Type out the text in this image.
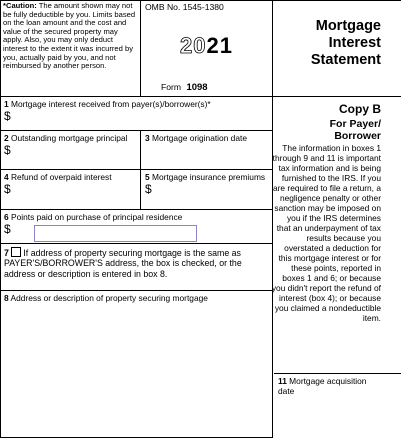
*Caution: The amount shown may not be fully deductible by you. Limits based on the loan amount and the cost and value of the secured property may apply. Also, you may only deduct interest to the extent it was incurred by you, actually paid by you, and not reimbursed by another person.
OMB No. 1545-1380
2021
Form 1098
Mortgage
Interest
Statement
1 Mortgage interest received from payer(s)/borrower(s)*
$
2 Outstanding mortgage principal
$
3 Mortgage origination date
4 Refund of overpaid interest
$
5 Mortgage insurance premiums
$
6 Points paid on purchase of principal residence
$
7 If address of property securing mortgage is the same as PAYER'S/BORROWER'S address, the box is checked, or the address or description is entered in box 8.
8 Address or description of property securing mortgage
Copy B
For Payer/
Borrower
The information in boxes 1 through 9 and 11 is important tax information and is being furnished to the IRS. If you are required to file a return, a negligence penalty or other sanction may be imposed on you if the IRS determines that an underpayment of tax results because you overstated a deduction for this mortgage interest or for these points, reported in boxes 1 and 6; or because you didn't report the refund of interest (box 4); or because you claimed a nondeductible item.
11 Mortgage acquisition date
